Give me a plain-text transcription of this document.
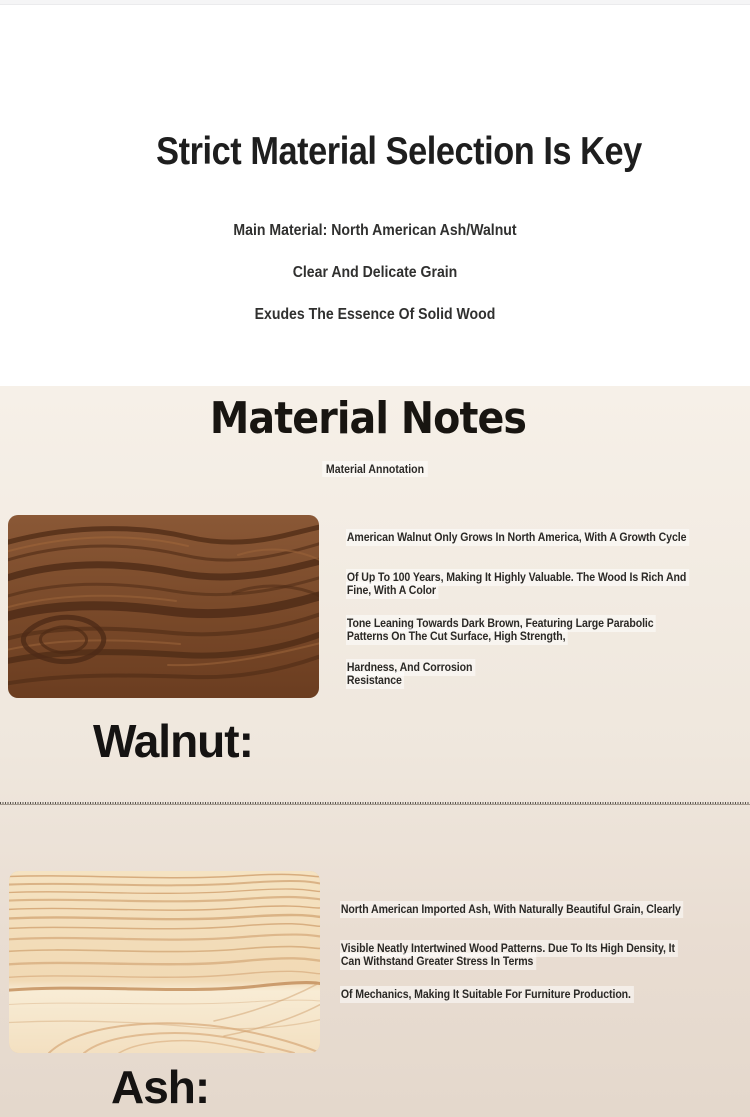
Strict Material Selection Is Key
Main Material: North American Ash/Walnut
Clear And Delicate Grain
Exudes The Essence Of Solid Wood
Material Notes
Material Annotation

American Walnut Only Grows In North America, With A Growth Cycle

Of Up To 100 Years, Making It Highly Valuable. The Wood Is Rich And
Fine, With A Color

Tone Leaning Towards Dark Brown, Featuring Large Parabolic
Patterns On The Cut Surface, High Strength,

Hardness, And Corrosion
Resistance

Walnut:

North American Imported Ash, With Naturally Beautiful Grain, Clearly

Visible Neatly Intertwined Wood Patterns. Due To Its High Density, It
Can Withstand Greater Stress In Terms

Of Mechanics, Making It Suitable For Furniture Production.

Ash:
